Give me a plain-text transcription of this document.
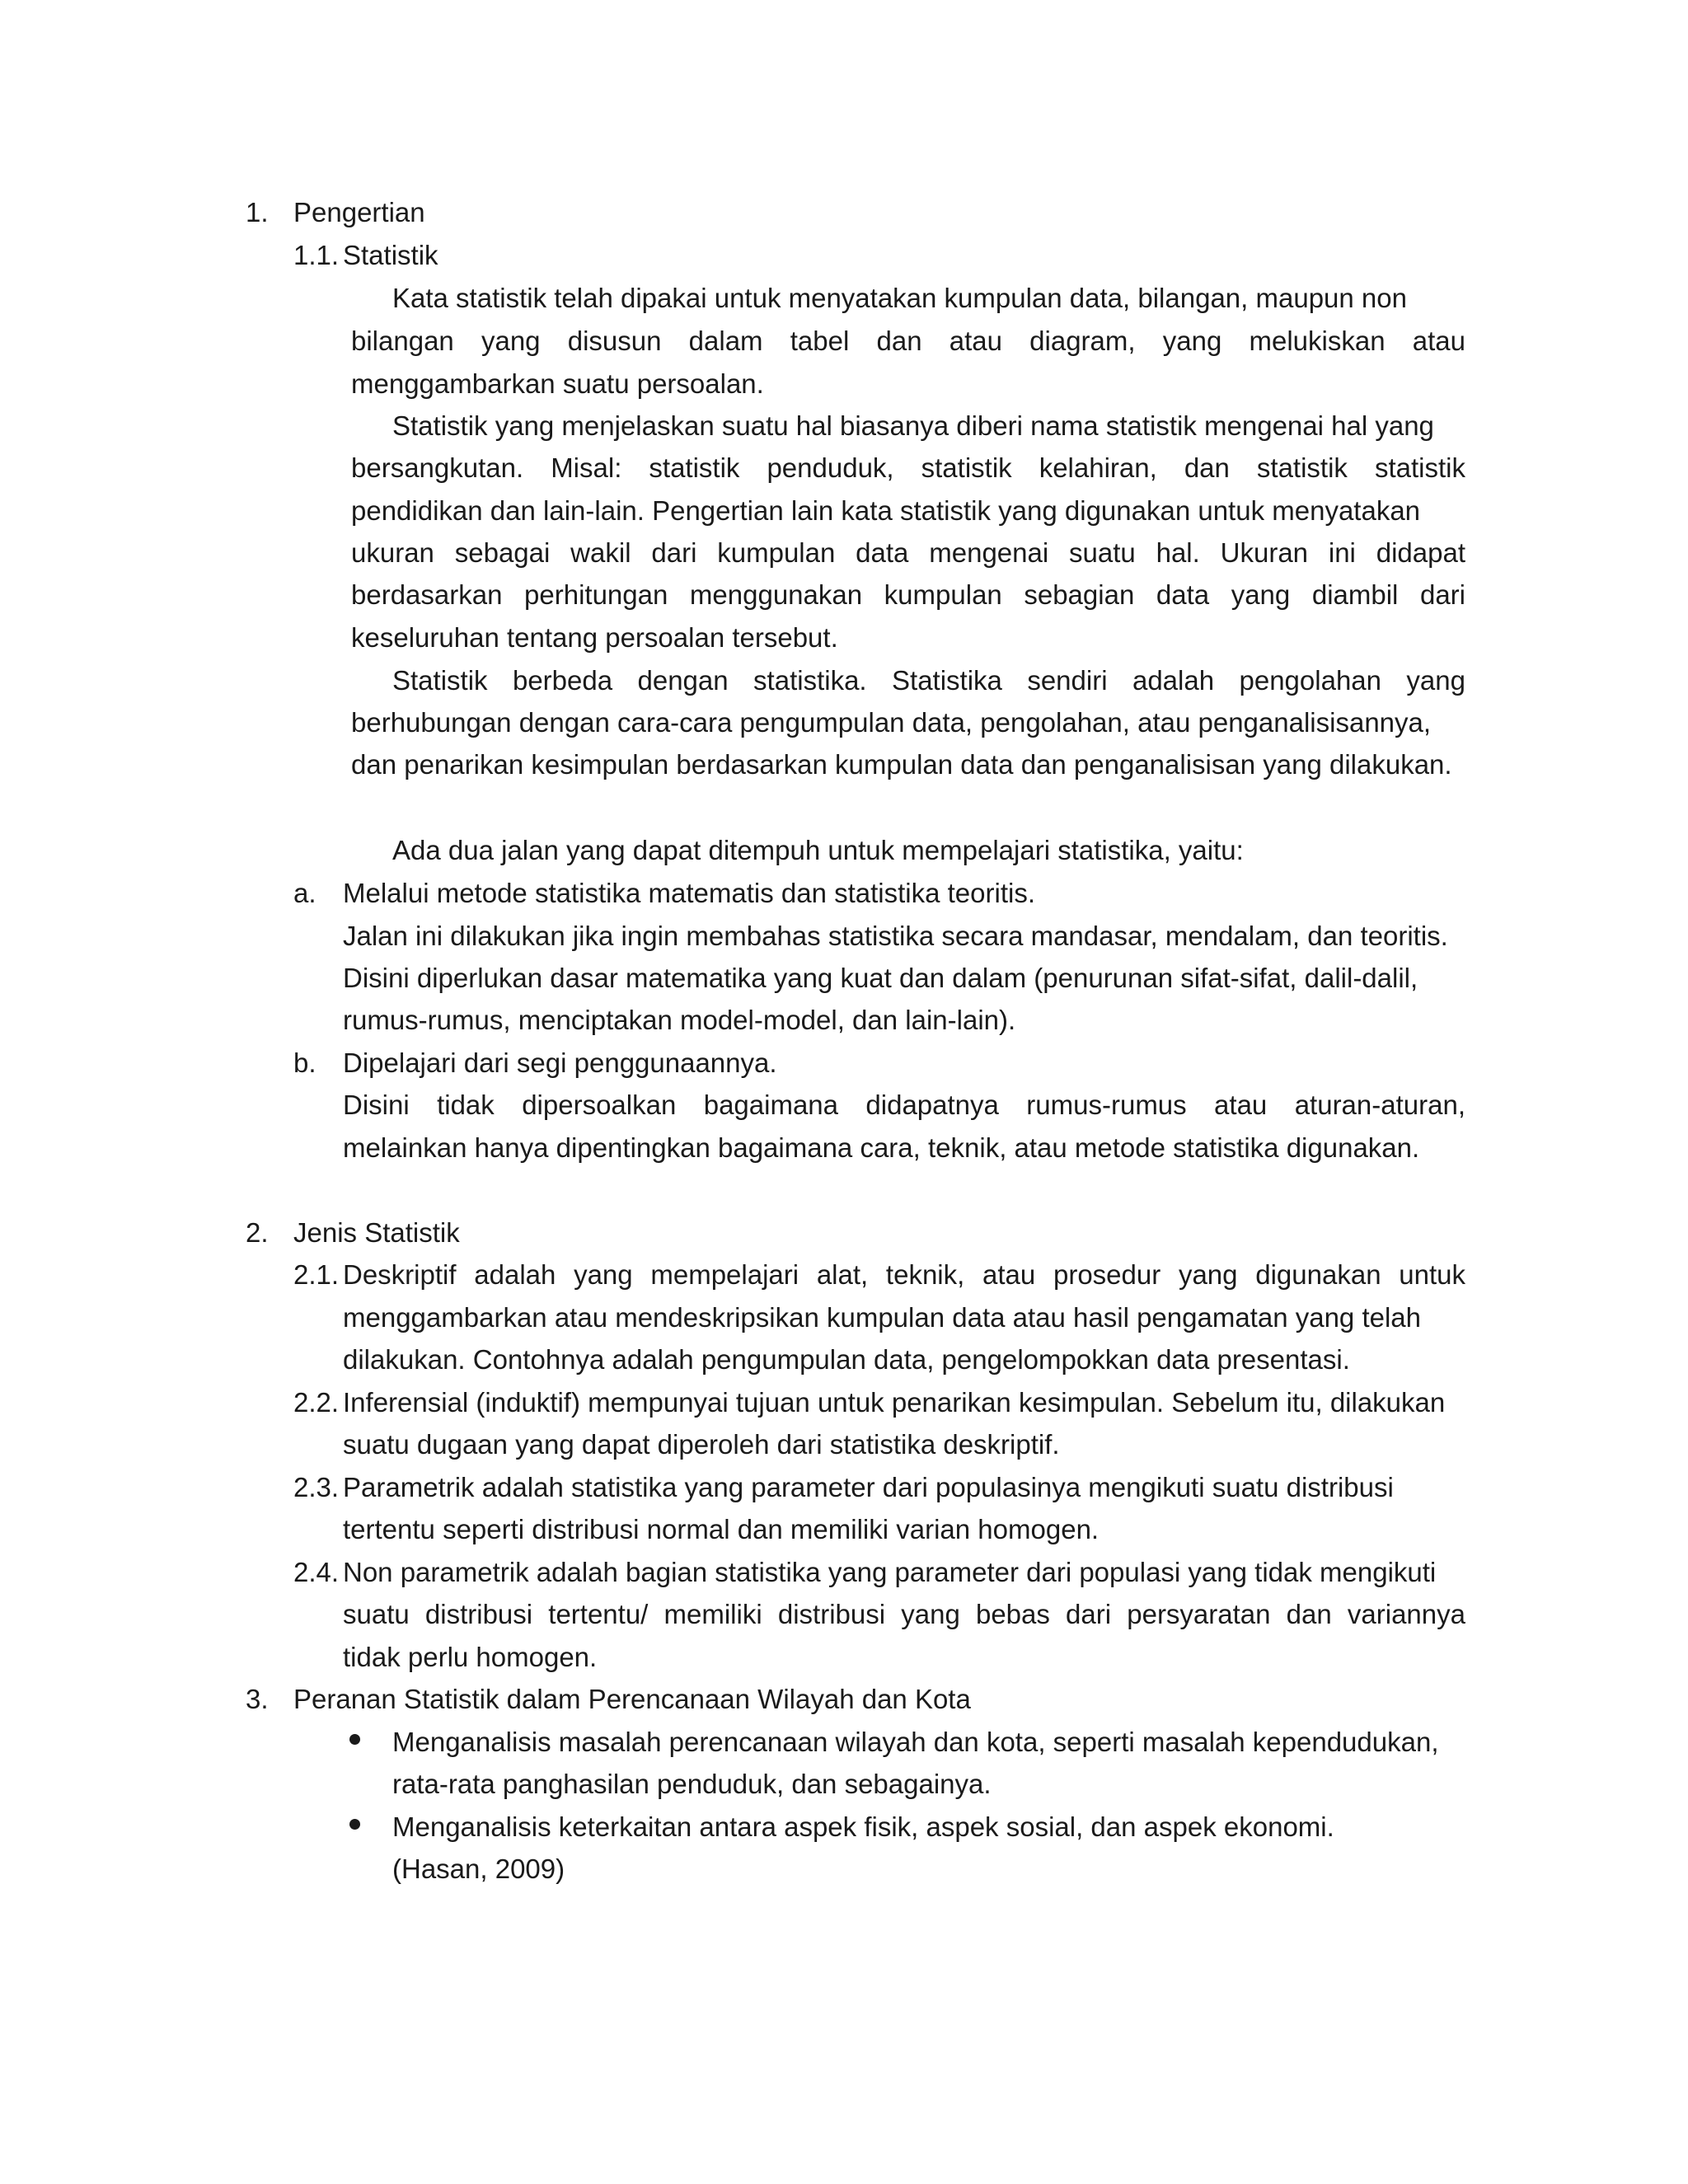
1. Pengertian
1.1. Statistik
Kata statistik telah dipakai untuk menyatakan kumpulan data, bilangan, maupun non
bilangan yang disusun dalam tabel dan atau diagram, yang melukiskan atau
menggambarkan suatu persoalan.
Statistik yang menjelaskan suatu hal biasanya diberi nama statistik mengenai hal yang
bersangkutan. Misal: statistik penduduk, statistik kelahiran, dan statistik statistik
pendidikan dan lain-lain. Pengertian lain kata statistik yang digunakan untuk menyatakan
ukuran sebagai wakil dari kumpulan data mengenai suatu hal. Ukuran ini didapat
berdasarkan perhitungan menggunakan kumpulan sebagian data yang diambil dari
keseluruhan tentang persoalan tersebut.
Statistik berbeda dengan statistika. Statistika sendiri adalah pengolahan yang
berhubungan dengan cara-cara pengumpulan data, pengolahan, atau penganalisisannya,
dan penarikan kesimpulan berdasarkan kumpulan data dan penganalisisan yang dilakukan.
Ada dua jalan yang dapat ditempuh untuk mempelajari statistika, yaitu:
a. Melalui metode statistika matematis dan statistika teoritis.
Jalan ini dilakukan jika ingin membahas statistika secara mandasar, mendalam, dan teoritis.
Disini diperlukan dasar matematika yang kuat dan dalam (penurunan sifat-sifat, dalil-dalil,
rumus-rumus, menciptakan model-model, dan lain-lain).
b. Dipelajari dari segi penggunaannya.
Disini tidak dipersoalkan bagaimana didapatnya rumus-rumus atau aturan-aturan,
melainkan hanya dipentingkan bagaimana cara, teknik, atau metode statistika digunakan.
2. Jenis Statistik
2.1. Deskriptif adalah yang mempelajari alat, teknik, atau prosedur yang digunakan untuk
menggambarkan atau mendeskripsikan kumpulan data atau hasil pengamatan yang telah
dilakukan. Contohnya adalah pengumpulan data, pengelompokkan data presentasi.
2.2. Inferensial (induktif) mempunyai tujuan untuk penarikan kesimpulan. Sebelum itu, dilakukan
suatu dugaan yang dapat diperoleh dari statistika deskriptif.
2.3. Parametrik adalah statistika yang parameter dari populasinya mengikuti suatu distribusi
tertentu seperti distribusi normal dan memiliki varian homogen.
2.4. Non parametrik adalah bagian statistika yang parameter dari populasi yang tidak mengikuti
suatu distribusi tertentu/ memiliki distribusi yang bebas dari persyaratan dan variannya
tidak perlu homogen.
3. Peranan Statistik dalam Perencanaan Wilayah dan Kota
Menganalisis masalah perencanaan wilayah dan kota, seperti masalah kependudukan,
rata-rata panghasilan penduduk, dan sebagainya.
Menganalisis keterkaitan antara aspek fisik, aspek sosial, dan aspek ekonomi.
(Hasan, 2009)
